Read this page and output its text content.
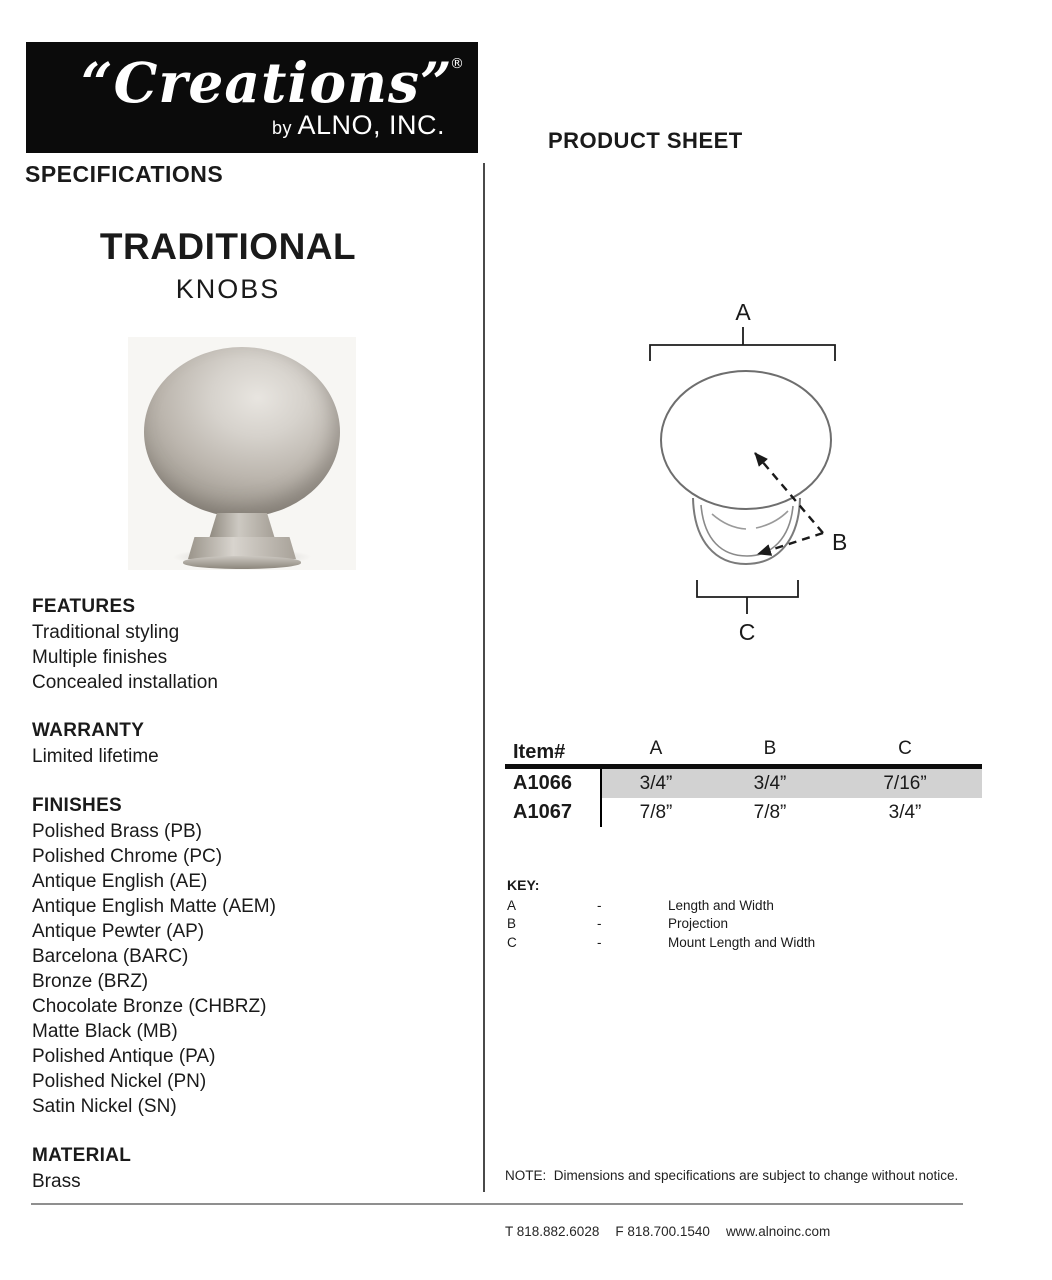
“Creations”
®
by ALNO, INC.
PRODUCT SHEET
SPECIFICATIONS
TRADITIONAL
KNOBS
FEATURES
Traditional styling
Multiple finishes
Concealed installation
WARRANTY
Limited lifetime
FINISHES
Polished Brass (PB)
Polished Chrome (PC)
Antique English (AE)
Antique English Matte (AEM)
Antique Pewter (AP)
Barcelona (BARC)
Bronze (BRZ)
Chocolate Bronze (CHBRZ)
Matte Black (MB)
Polished Antique (PA)
Polished Nickel (PN)
Satin Nickel (SN)
MATERIAL
Brass
A
B
C
Item#	A	B	C
A1066	3/4”	3/4”	7/16”
A1067	7/8”	7/8”	3/4”
KEY:
A	-	Length and Width
B	-	Projection
C	-	Mount Length and Width
NOTE:  Dimensions and specifications are subject to change without notice.
T 818.882.6028 F 818.700.1540 www.alnoinc.com
